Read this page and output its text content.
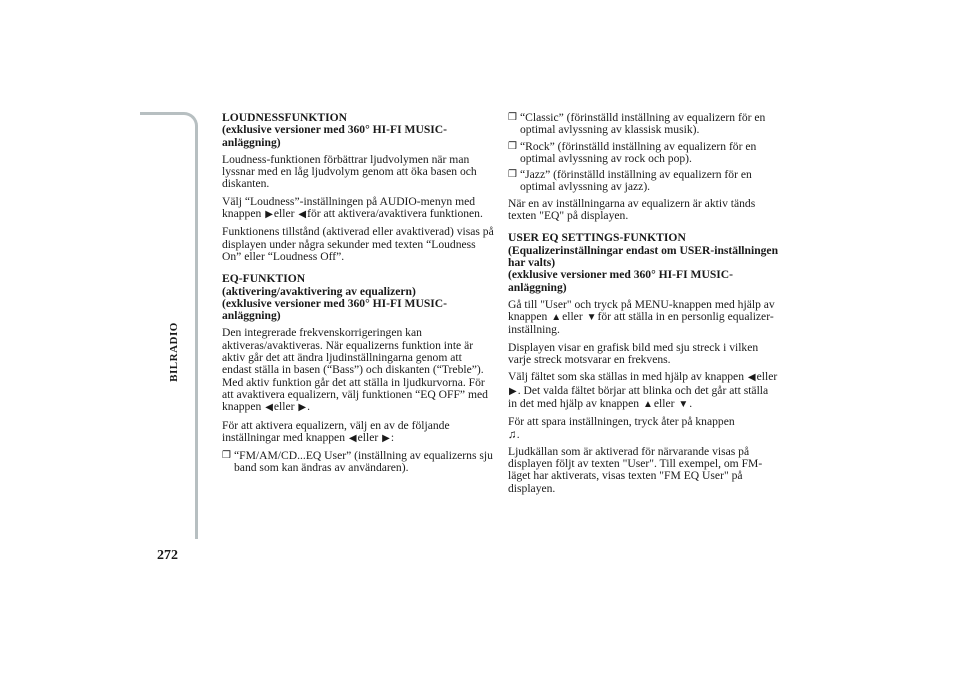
BILRADIO
272

LOUDNESSFUNKTION
(exklusive versioner med 360° HI-FI MUSIC-anläggning)

Loudness-funktionen förbättrar ljudvolymen när man lyssnar med en låg ljudvolym genom att öka basen och diskanten.

Välj “Loudness”-inställningen på AUDIO-menyn med knappen ▶eller ◀för att aktivera/avaktivera funktionen.

Funktionens tillstånd (aktiverad eller avaktiverad) visas på displayen under några sekunder med texten “Loudness On” eller “Loudness Off”.

EQ-FUNKTION
(aktivering/avaktivering av equalizern)
(exklusive versioner med 360° HI-FI MUSIC-anläggning)

Den integrerade frekvenskorrigeringen kan aktiveras/avaktiveras. När equalizerns funktion inte är aktiv går det att ändra ljudinställningarna genom att endast ställa in basen (“Bass”) och diskanten (“Treble”). Med aktiv funktion går det att ställa in ljudkurvorna. För att avaktivera equalizern, välj funktionen “EQ OFF” med knappen ◀eller ▶.

För att aktivera equalizern, välj en av de följande inställningar med knappen ◀eller ▶:

❒ “FM/AM/CD...EQ User” (inställning av equalizerns sju band som kan ändras av användaren).
❒ “Classic” (förinställd inställning av equalizern för en optimal avlyssning av klassisk musik).
❒ “Rock” (förinställd inställning av equalizern för en optimal avlyssning av rock och pop).
❒ “Jazz” (förinställd inställning av equalizern för en optimal avlyssning av jazz).

När en av inställningarna av equalizern är aktiv tänds texten "EQ" på displayen.

USER EQ SETTINGS-FUNKTION
(Equalizerinställningar endast om USER-inställningen har valts)
(exklusive versioner med 360° HI-FI MUSIC-anläggning)

Gå till "User" och tryck på MENU-knappen med hjälp av knappen ▲eller ▼för att ställa in en personlig equalizer-inställning.

Displayen visar en grafisk bild med sju streck i vilken varje streck motsvarar en frekvens.

Välj fältet som ska ställas in med hjälp av knappen ◀eller ▶. Det valda fältet börjar att blinka och det går att ställa in det med hjälp av knappen ▲eller ▼.

För att spara inställningen, tryck åter på knappen
♫.

Ljudkällan som är aktiverad för närvarande visas på displayen följt av texten "User". Till exempel, om FM-läget har aktiverats, visas texten "FM EQ User" på displayen.
